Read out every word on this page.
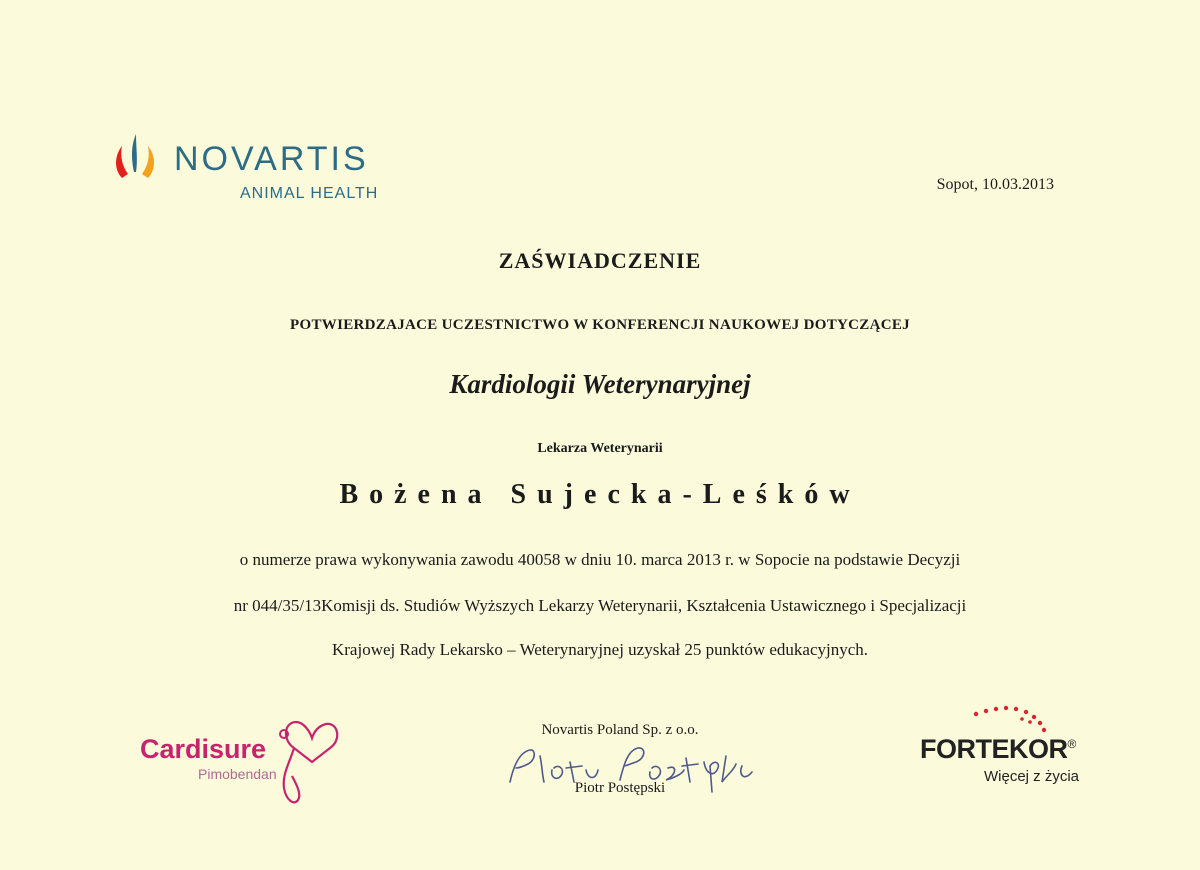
NOVARTIS
ANIMAL HEALTH
Sopot, 10.03.2013
ZAŚWIADCZENIE
POTWIERDZAJACE UCZESTNICTWO W KONFERENCJI NAUKOWEJ DOTYCZĄCEJ
Kardiologii Weterynaryjnej
Lekarza Weterynarii
Bożena Sujecka-Leśków
o numerze prawa wykonywania zawodu 40058 w dniu 10. marca 2013 r. w Sopocie na podstawie Decyzji
nr 044/35/13Komisji ds. Studiów Wyższych Lekarzy Weterynarii, Kształcenia Ustawicznego i Specjalizacji
Krajowej Rady Lekarsko – Weterynaryjnej uzyskał 25 punktów edukacyjnych.
Cardisure
Pimobendan
Novartis Poland Sp. z o.o.
Piotr Postępski
FORTEKOR®
Więcej z życia
